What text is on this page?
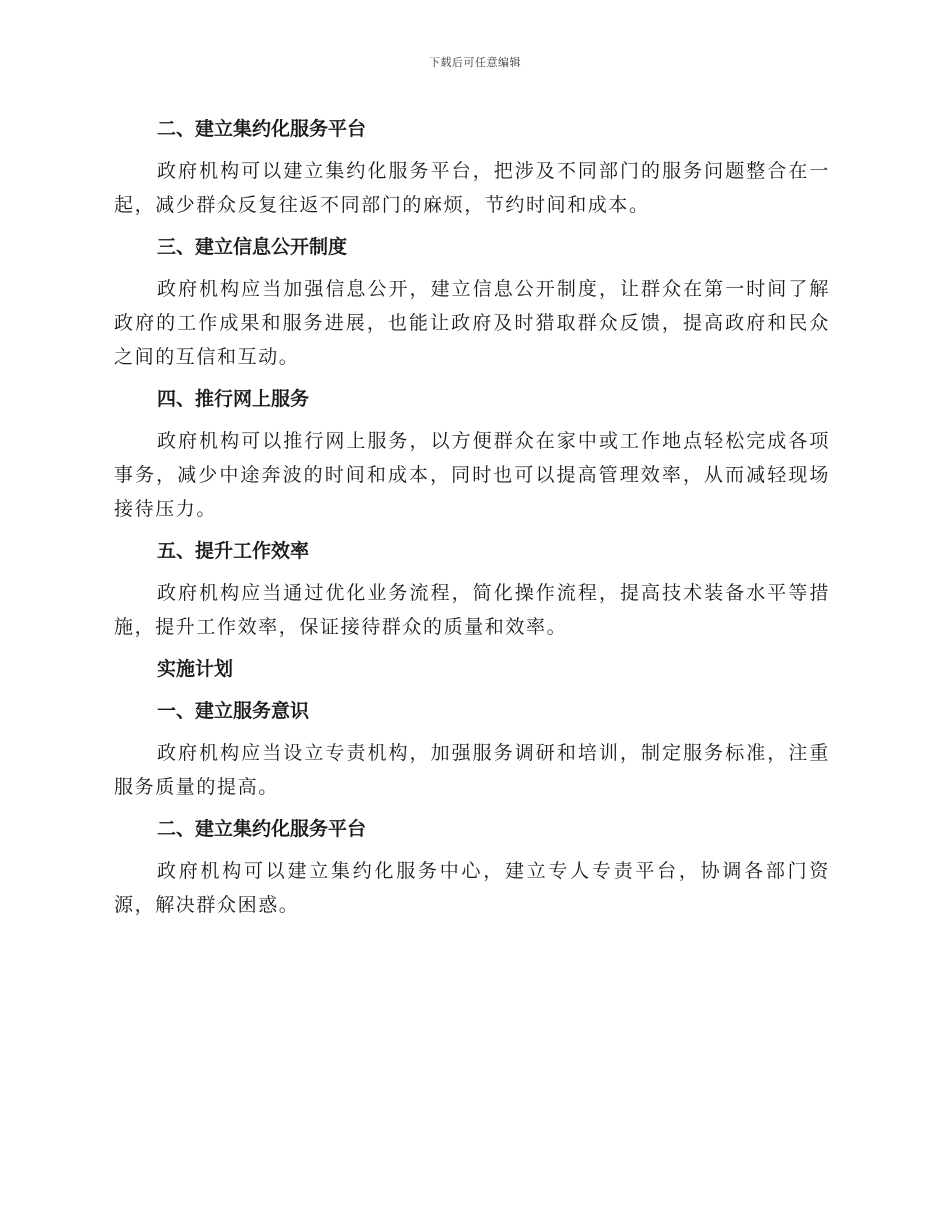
下载后可任意编辑
二、建立集约化服务平台
政府机构可以建立集约化服务平台，把涉及不同部门的服务问题整合在一起，减少群众反复往返不同部门的麻烦，节约时间和成本。
三、建立信息公开制度
政府机构应当加强信息公开，建立信息公开制度，让群众在第一时间了解政府的工作成果和服务进展，也能让政府及时猎取群众反馈，提高政府和民众之间的互信和互动。
四、推行网上服务
政府机构可以推行网上服务，以方便群众在家中或工作地点轻松完成各项事务，减少中途奔波的时间和成本，同时也可以提高管理效率，从而减轻现场接待压力。
五、提升工作效率
政府机构应当通过优化业务流程，简化操作流程，提高技术装备水平等措施，提升工作效率，保证接待群众的质量和效率。
实施计划
一、建立服务意识
政府机构应当设立专责机构，加强服务调研和培训，制定服务标准，注重服务质量的提高。
二、建立集约化服务平台
政府机构可以建立集约化服务中心，建立专人专责平台，协调各部门资源，解决群众困惑。
